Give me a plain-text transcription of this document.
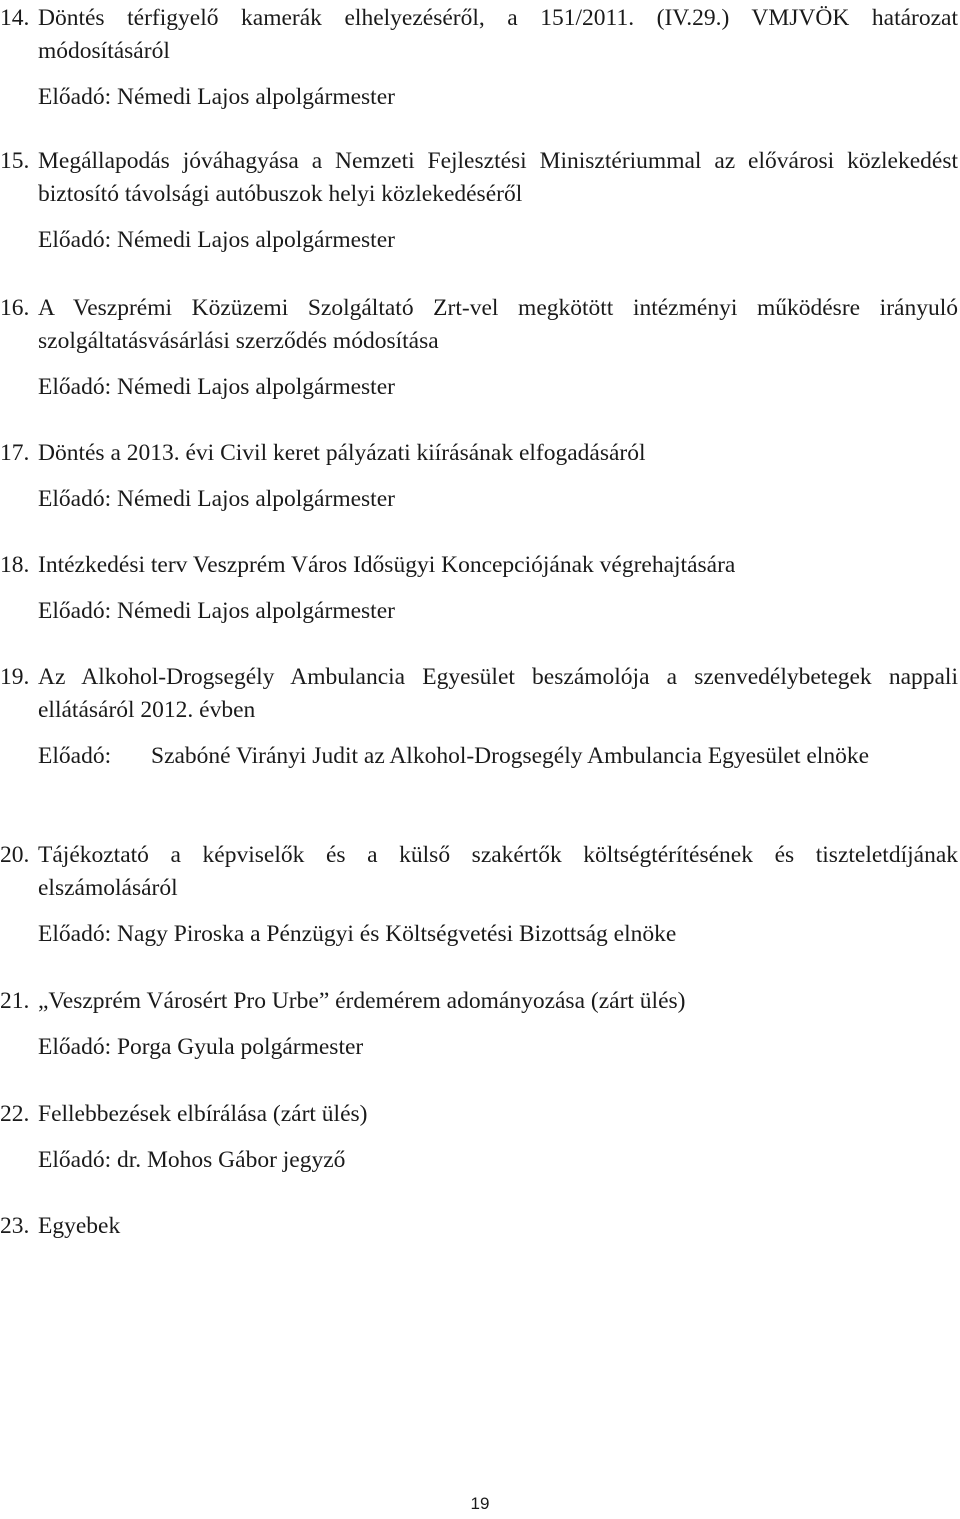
14. Döntés térfigyelő kamerák elhelyezéséről, a 151/2011. (IV.29.) VMJVÖK határozat módosításáról
Előadó: Némedi Lajos alpolgármester
15. Megállapodás jóváhagyása a Nemzeti Fejlesztési Minisztériummal az elővárosi közlekedést biztosító távolsági autóbuszok helyi közlekedéséről
Előadó: Némedi Lajos alpolgármester
16. A Veszprémi Közüzemi Szolgáltató Zrt-vel megkötött intézményi működésre irányuló szolgáltatásvásárlási szerződés módosítása
Előadó: Némedi Lajos alpolgármester
17. Döntés a 2013. évi Civil keret pályázati kiírásának elfogadásáról
Előadó: Némedi Lajos alpolgármester
18. Intézkedési terv Veszprém Város Idősügyi Koncepciójának végrehajtására
Előadó: Némedi Lajos alpolgármester
19. Az Alkohol-Drogsegély Ambulancia Egyesület beszámolója a szenvedélybetegek nappali ellátásáról 2012. évben
Előadó:	Szabóné Virányi Judit az Alkohol-Drogsegély Ambulancia Egyesület elnöke
20. Tájékoztató a képviselők és a külső szakértők költségtérítésének és tiszteletdíjának elszámolásáról
Előadó: Nagy Piroska a Pénzügyi és Költségvetési Bizottság elnöke
21. „Veszprém Városért Pro Urbe” érdemérem adományozása (zárt ülés)
Előadó: Porga Gyula polgármester
22. Fellebbezések elbírálása (zárt ülés)
Előadó: dr. Mohos Gábor jegyző
23. Egyebek
19
